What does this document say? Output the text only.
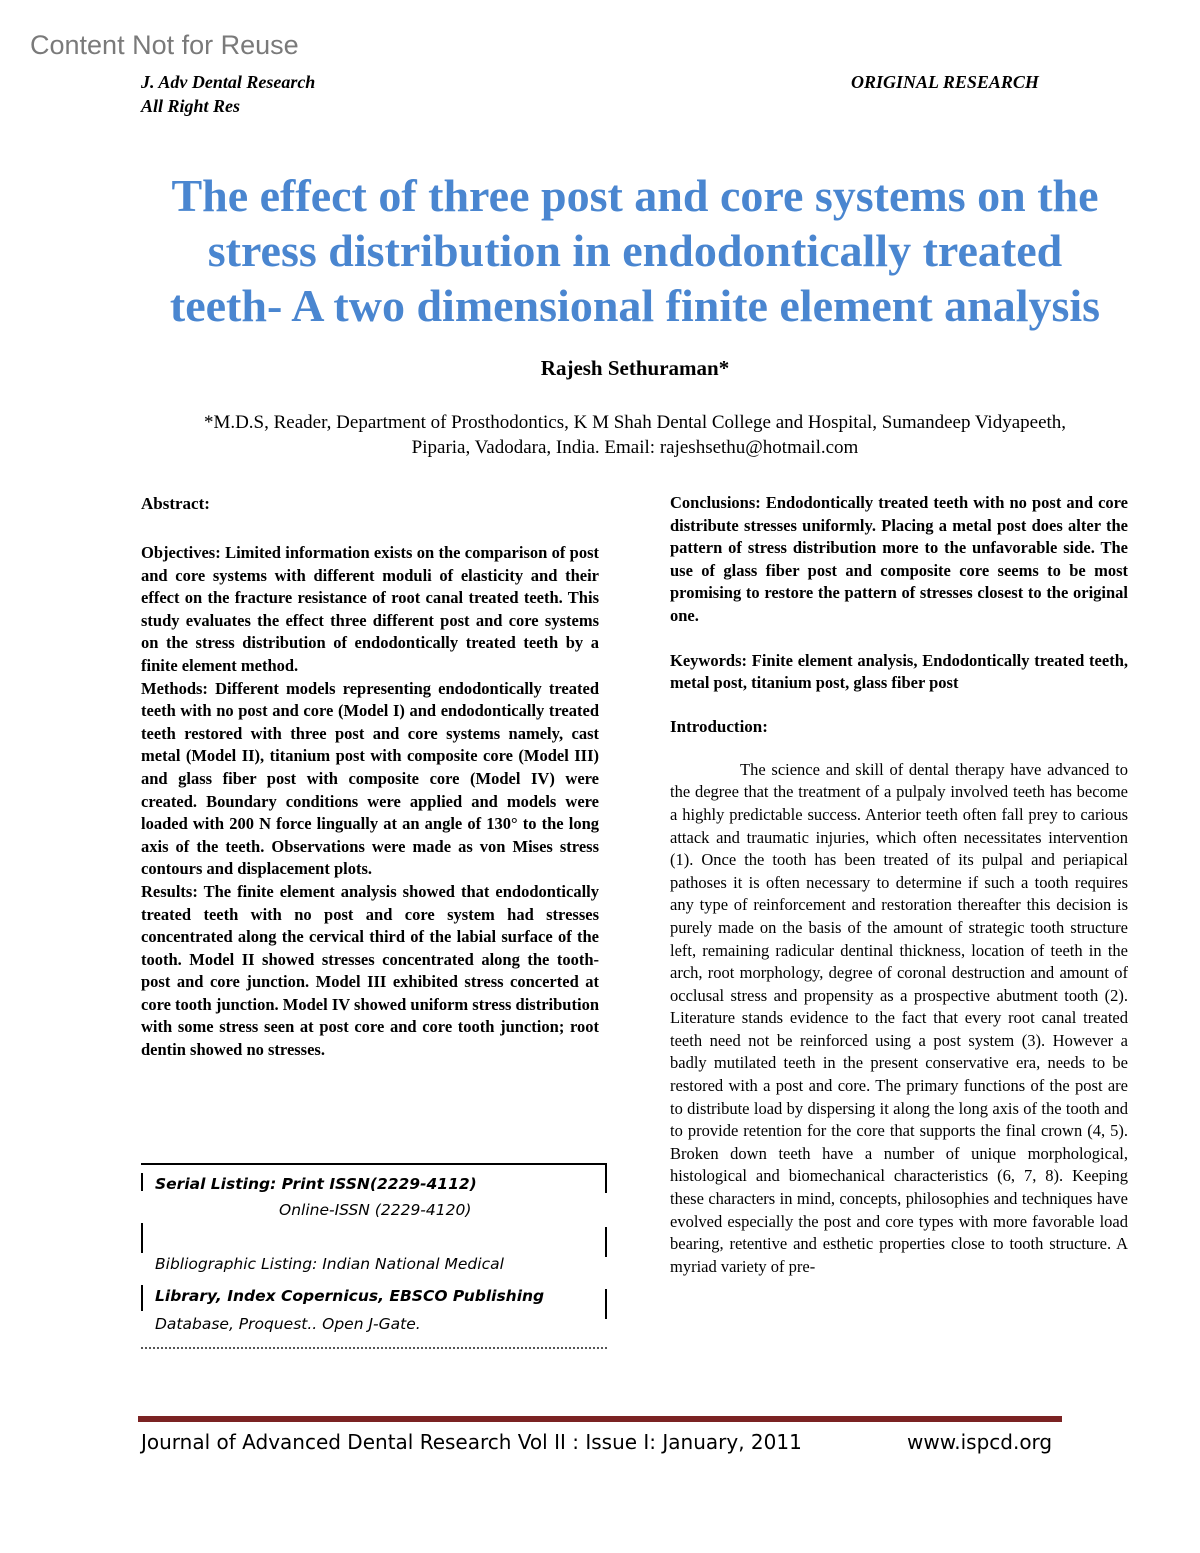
Content Not for Reuse
J. Adv Dental Research
All Right Res
ORIGINAL RESEARCH
The effect of three post and core systems on the
stress distribution in endodontically treated
teeth- A two dimensional finite element analysis
Rajesh Sethuraman*
*M.D.S, Reader, Department of Prosthodontics, K M Shah Dental College and Hospital, Sumandeep Vidyapeeth,
Piparia, Vadodara, India. Email: rajeshsethu@hotmail.com

Abstract:

Objectives: Limited information exists on the comparison of post and core systems with different moduli of elasticity and their effect on the fracture resistance of root canal treated teeth. This study evaluates the effect three different post and core systems on the stress distribution of endodontically treated teeth by a finite element method.

Methods: Different models representing endodontically treated teeth with no post and core (Model I) and endodontically treated teeth restored with three post and core systems namely, cast metal (Model II), titanium post with composite core (Model III) and glass fiber post with composite core (Model IV) were created. Boundary conditions were applied and models were loaded with 200 N force lingually at an angle of 130° to the long axis of the teeth. Observations were made as von Mises stress contours and displacement plots.

Results: The finite element analysis showed that endodontically treated teeth with no post and core system had stresses concentrated along the cervical third of the labial surface of the tooth. Model II showed stresses concentrated along the tooth-post and core junction. Model III exhibited stress concerted at core tooth junction. Model IV showed uniform stress distribution with some stress seen at post core and core tooth junction; root dentin showed no stresses.

Serial Listing: Print ISSN(2229-4112)
Online-ISSN (2229-4120)
Bibliographic Listing: Indian National Medical
Library, Index Copernicus, EBSCO Publishing
Database, Proquest.. Open J-Gate.

Conclusions: Endodontically treated teeth with no post and core distribute stresses uniformly. Placing a metal post does alter the pattern of stress distribution more to the unfavorable side. The use of glass fiber post and composite core seems to be most promising to restore the pattern of stresses closest to the original one.

Keywords: Finite element analysis, Endodontically treated teeth, metal post, titanium post, glass fiber post

Introduction:

The science and skill of dental therapy have advanced to the degree that the treatment of a pulpaly involved teeth has become a highly predictable success. Anterior teeth often fall prey to carious attack and traumatic injuries, which often necessitates intervention (1). Once the tooth has been treated of its pulpal and periapical pathoses it is often necessary to determine if such a tooth requires any type of reinforcement and restoration thereafter this decision is purely made on the basis of the amount of strategic tooth structure left, remaining radicular dentinal thickness, location of teeth in the arch, root morphology, degree of coronal destruction and amount of occlusal stress and propensity as a prospective abutment tooth (2). Literature stands evidence to the fact that every root canal treated teeth need not be reinforced using a post system (3). However a badly mutilated teeth in the present conservative era, needs to be restored with a post and core. The primary functions of the post are to distribute load by dispersing it along the long axis of the tooth and to provide retention for the core that supports the final crown (4, 5). Broken down teeth have a number of unique morphological, histological and biomechanical characteristics (6, 7, 8). Keeping these characters in mind, concepts, philosophies and techniques have evolved especially the post and core types with more favorable load bearing, retentive and esthetic properties close to tooth structure. A myriad variety of pre-

Journal of Advanced Dental Research Vol II : Issue I: January, 2011	www.ispcd.org
